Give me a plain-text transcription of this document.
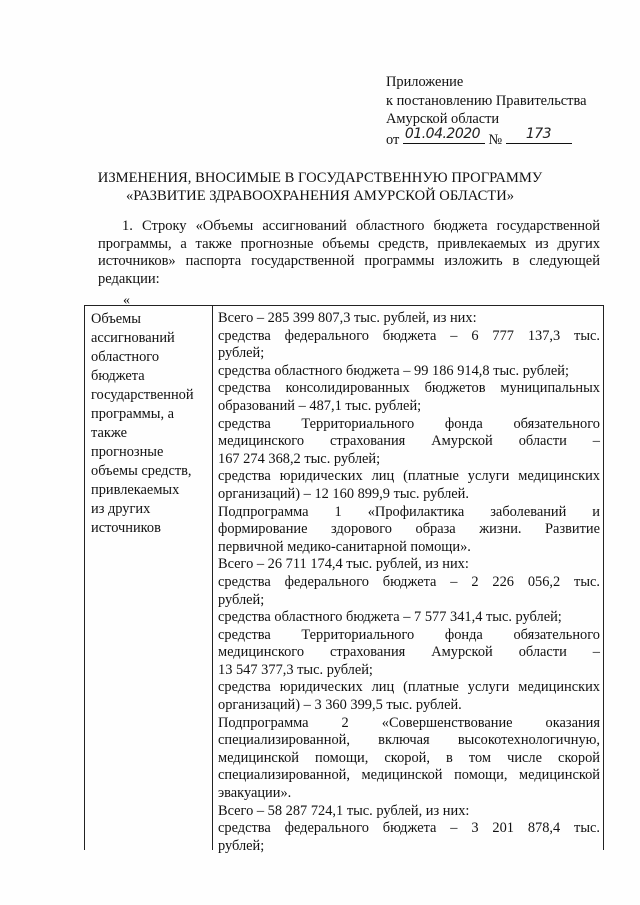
Приложение
к постановлению Правительства
Амурской области
от 01.04.2020 № 173
ИЗМЕНЕНИЯ, ВНОСИМЫЕ В ГОСУДАРСТВЕННУЮ ПРОГРАММУ
«РАЗВИТИЕ ЗДРАВООХРАНЕНИЯ АМУРСКОЙ ОБЛАСТИ»

1. Строку «Объемы ассигнований областного бюджета государственной программы, а также прогнозные объемы средств, привлекаемых из других источников» паспорта государственной программы изложить в следующей редакции:

«
Объемы
ассигнований
областного
бюджета
государственной
программы, а
также
прогнозные
объемы средств,
привлекаемых
из других
источников
Всего – 285 399 807,3 тыс. рублей, из них:
средства федерального бюджета – 6 777 137,3 тыс.
рублей;
средства областного бюджета – 99 186 914,8 тыс. рублей;
средства консолидированных бюджетов муниципальных
образований – 487,1 тыс. рублей;
средства Территориального фонда обязательного
медицинского страхования Амурской области –
167 274 368,2 тыс. рублей;
средства юридических лиц (платные услуги медицинских
организаций) – 12 160 899,9 тыс. рублей.
Подпрограмма 1 «Профилактика заболеваний и
формирование здорового образа жизни. Развитие
первичной медико-санитарной помощи».
Всего – 26 711 174,4 тыс. рублей, из них:
средства федерального бюджета – 2 226 056,2 тыс.
рублей;
средства областного бюджета – 7 577 341,4 тыс. рублей;
средства Территориального фонда обязательного
медицинского страхования Амурской области –
13 547 377,3 тыс. рублей;
средства юридических лиц (платные услуги медицинских
организаций) – 3 360 399,5 тыс. рублей.
Подпрограмма 2 «Совершенствование оказания
специализированной, включая высокотехнологичную,
медицинской помощи, скорой, в том числе скорой
специализированной, медицинской помощи, медицинской
эвакуации».
Всего – 58 287 724,1 тыс. рублей, из них:
средства федерального бюджета – 3 201 878,4 тыс.
рублей;
